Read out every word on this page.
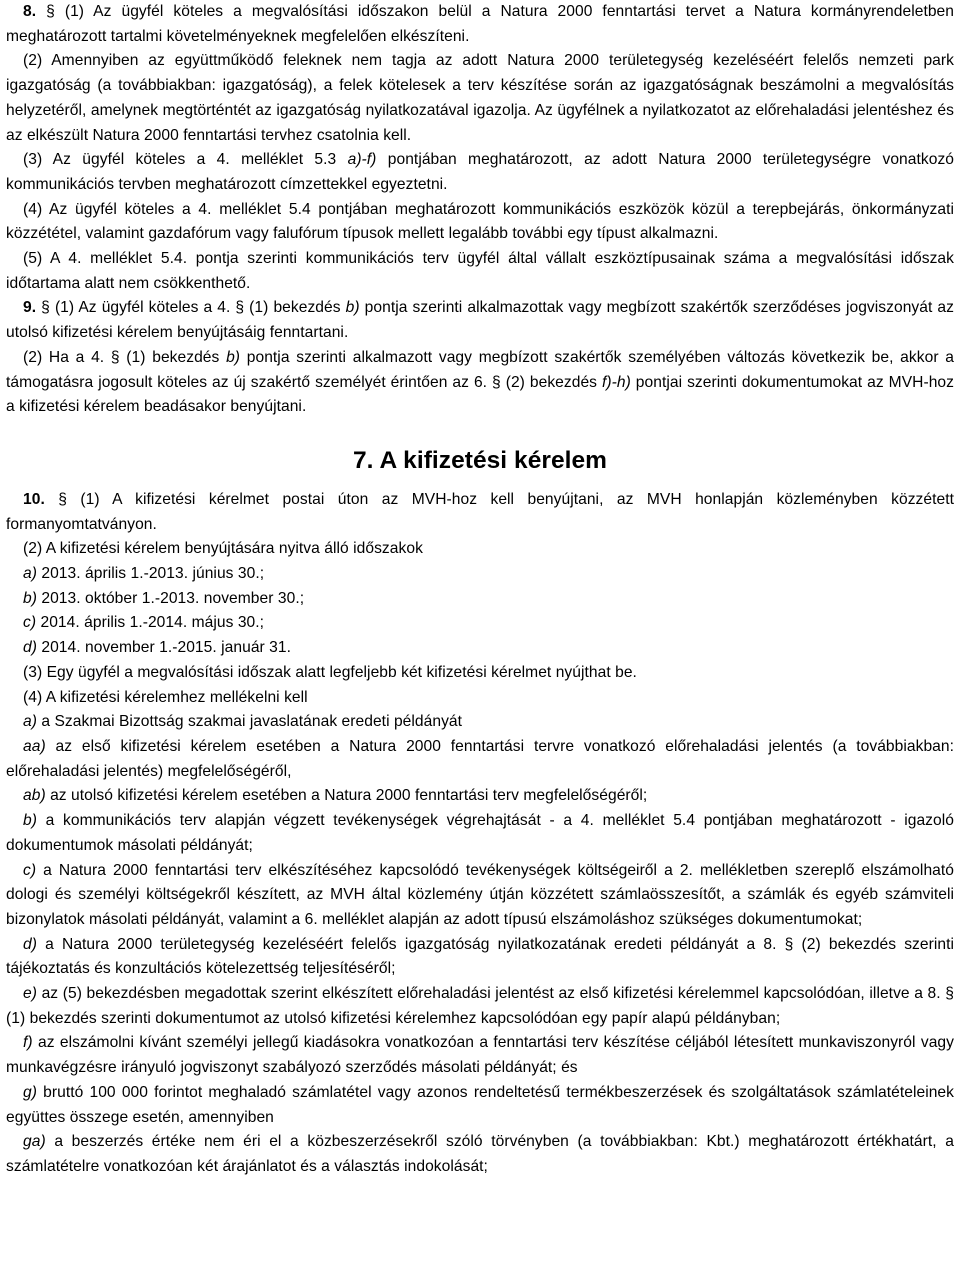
8. § (1) Az ügyfél köteles a megvalósítási időszakon belül a Natura 2000 fenntartási tervet a Natura kormányrendeletben meghatározott tartalmi követelményeknek megfelelően elkészíteni.

(2) Amennyiben az együttműködő feleknek nem tagja az adott Natura 2000 területegység kezeléséért felelős nemzeti park igazgatóság (a továbbiakban: igazgatóság), a felek kötelesek a terv készítése során az igazgatóságnak beszámolni a megvalósítás helyzetéről, amelynek megtörténtét az igazgatóság nyilatkozatával igazolja. Az ügyfélnek a nyilatkozatot az előrehaladási jelentéshez és az elkészült Natura 2000 fenntartási tervhez csatolnia kell.

(3) Az ügyfél köteles a 4. melléklet 5.3 a)-f) pontjában meghatározott, az adott Natura 2000 területegységre vonatkozó kommunikációs tervben meghatározott címzettekkel egyeztetni.

(4) Az ügyfél köteles a 4. melléklet 5.4 pontjában meghatározott kommunikációs eszközök közül a terepbejárás, önkormányzati közzététel, valamint gazdafórum vagy falufórum típusok mellett legalább további egy típust alkalmazni.

(5) A 4. melléklet 5.4. pontja szerinti kommunikációs terv ügyfél által vállalt eszköztípusainak száma a megvalósítási időszak időtartama alatt nem csökkenthető.

9. § (1) Az ügyfél köteles a 4. § (1) bekezdés b) pontja szerinti alkalmazottak vagy megbízott szakértők szerződéses jogviszonyát az utolsó kifizetési kérelem benyújtásáig fenntartani.

(2) Ha a 4. § (1) bekezdés b) pontja szerinti alkalmazott vagy megbízott szakértők személyében változás következik be, akkor a támogatásra jogosult köteles az új szakértő személyét érintően az 6. § (2) bekezdés f)-h) pontjai szerinti dokumentumokat az MVH-hoz a kifizetési kérelem beadásakor benyújtani.

7. A kifizetési kérelem

10. § (1) A kifizetési kérelmet postai úton az MVH-hoz kell benyújtani, az MVH honlapján közleményben közzétett formanyomtatványon.

(2) A kifizetési kérelem benyújtására nyitva álló időszakok

a) 2013. április 1.-2013. június 30.;

b) 2013. október 1.-2013. november 30.;

c) 2014. április 1.-2014. május 30.;

d) 2014. november 1.-2015. január 31.

(3) Egy ügyfél a megvalósítási időszak alatt legfeljebb két kifizetési kérelmet nyújthat be.

(4) A kifizetési kérelemhez mellékelni kell

a) a Szakmai Bizottság szakmai javaslatának eredeti példányát

aa) az első kifizetési kérelem esetében a Natura 2000 fenntartási tervre vonatkozó előrehaladási jelentés (a továbbiakban: előrehaladási jelentés) megfelelőségéről,

ab) az utolsó kifizetési kérelem esetében a Natura 2000 fenntartási terv megfelelőségéről;

b) a kommunikációs terv alapján végzett tevékenységek végrehajtását - a 4. melléklet 5.4 pontjában meghatározott - igazoló dokumentumok másolati példányát;

c) a Natura 2000 fenntartási terv elkészítéséhez kapcsolódó tevékenységek költségeiről a 2. mellékletben szereplő elszámolható dologi és személyi költségekről készített, az MVH által közlemény útján közzétett számlaösszesítőt, a számlák és egyéb számviteli bizonylatok másolati példányát, valamint a 6. melléklet alapján az adott típusú elszámoláshoz szükséges dokumentumokat;

d) a Natura 2000 területegység kezeléséért felelős igazgatóság nyilatkozatának eredeti példányát a 8. § (2) bekezdés szerinti tájékoztatás és konzultációs kötelezettség teljesítéséről;

e) az (5) bekezdésben megadottak szerint elkészített előrehaladási jelentést az első kifizetési kérelemmel kapcsolódóan, illetve a 8. § (1) bekezdés szerinti dokumentumot az utolsó kifizetési kérelemhez kapcsolódóan egy papír alapú példányban;

f) az elszámolni kívánt személyi jellegű kiadásokra vonatkozóan a fenntartási terv készítése céljából létesített munkaviszonyról vagy munkavégzésre irányuló jogviszonyt szabályozó szerződés másolati példányát; és

g) bruttó 100 000 forintot meghaladó számlatétel vagy azonos rendeltetésű termékbeszerzések és szolgáltatások számlatételeinek együttes összege esetén, amennyiben

ga) a beszerzés értéke nem éri el a közbeszerzésekről szóló törvényben (a továbbiakban: Kbt.) meghatározott értékhatárt, a számlatételre vonatkozóan két árajánlatot és a választás indokolását;
